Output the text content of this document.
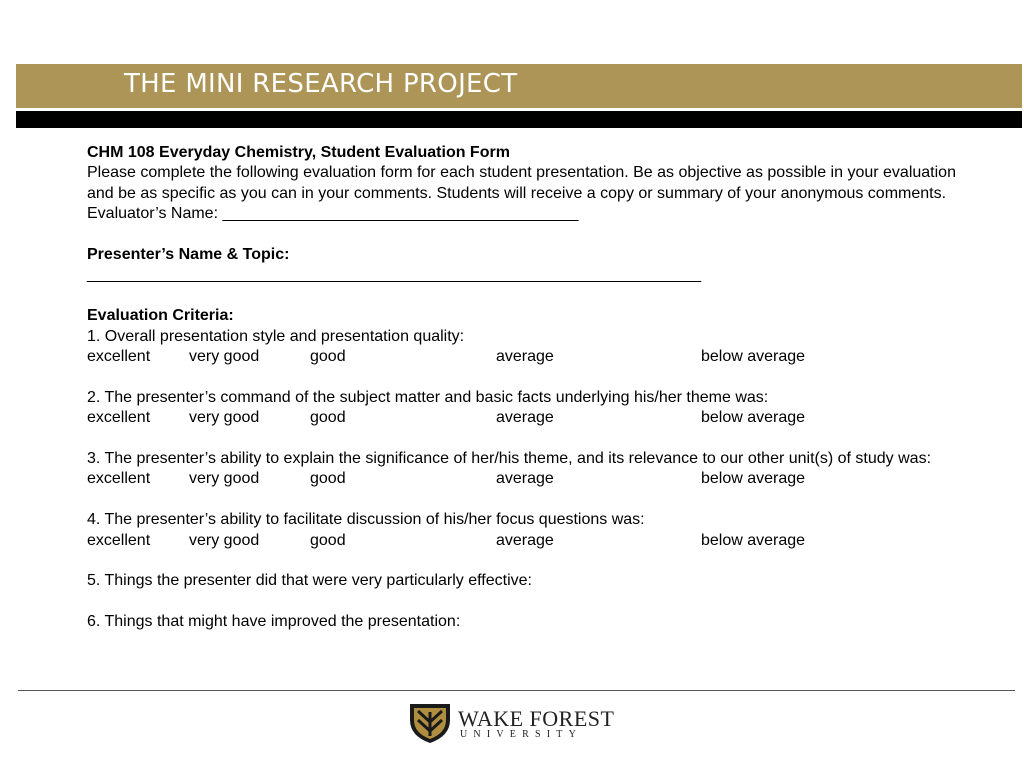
THE MINI RESEARCH PROJECT
CHM 108 Everyday Chemistry, Student Evaluation Form
Please complete the following evaluation form for each student presentation. Be as objective as possible in your evaluation and be as specific as you can in your comments. Students will receive a copy or summary of your anonymous comments.
Evaluator’s Name: ________________________________________
Presenter’s Name & Topic:
_____________________________________________________________________
Evaluation Criteria:
1. Overall presentation style and presentation quality:
excellent very good	good	average	below average
2. The presenter’s command of the subject matter and basic facts underlying his/her theme was:
excellent very good	good	average	below average
3. The presenter’s ability to explain the significance of her/his theme, and its relevance to our other unit(s) of study was:
excellent very good	good	average	below average
4. The presenter’s ability to facilitate discussion of his/her focus questions was:
excellent very good	good	average	below average
5. Things the presenter did that were very particularly effective:
6. Things that might have improved the presentation:
WAKE FOREST
UNIVERSITY
